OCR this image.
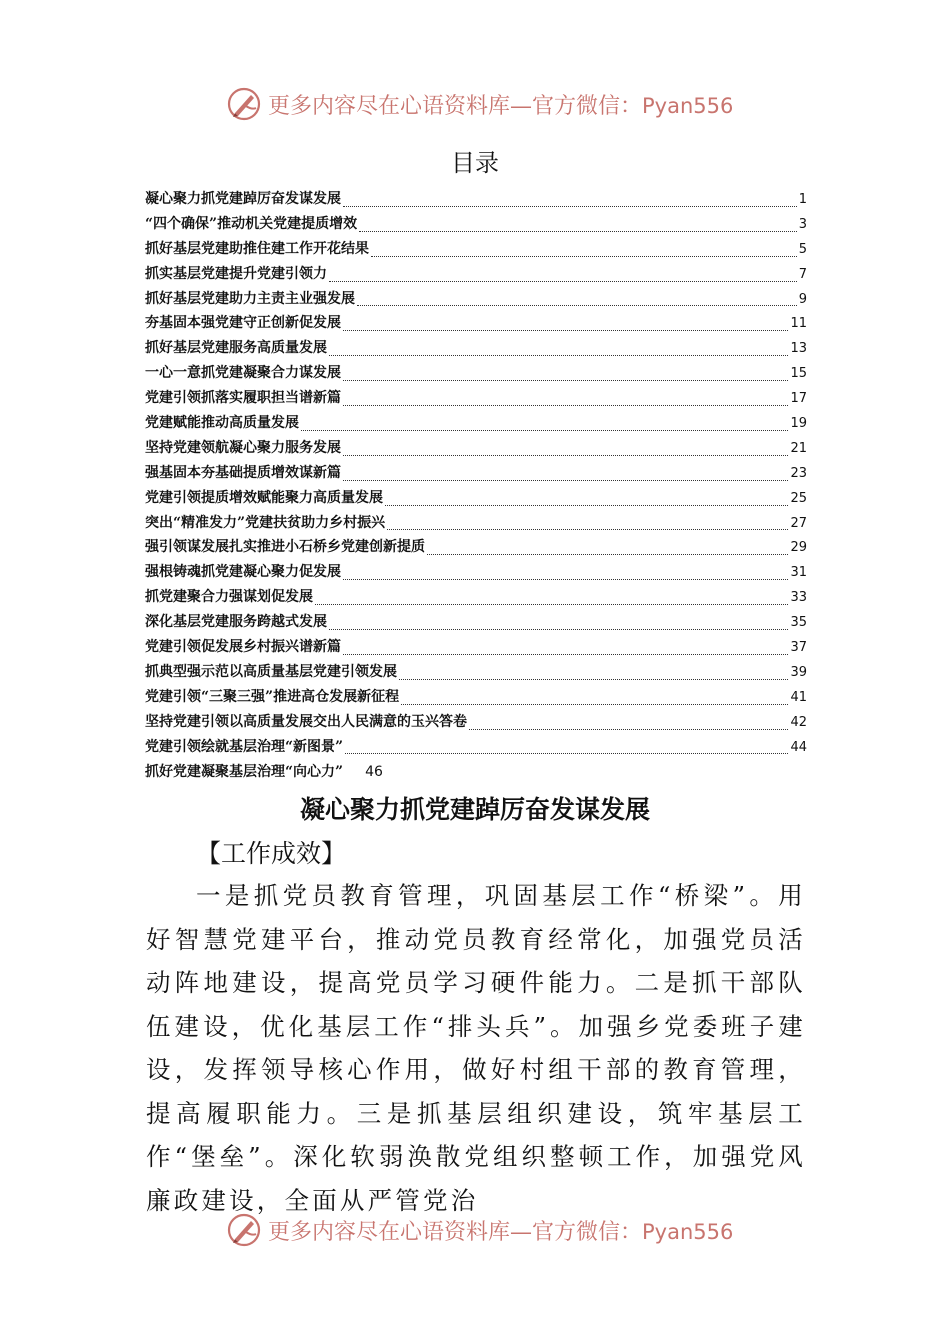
更多内容尽在心语资料库—官方微信：Pyan556
目录
凝心聚力抓党建踔厉奋发谋发展	1
“四个确保”推动机关党建提质增效	3
抓好基层党建助推住建工作开花结果	5
抓实基层党建提升党建引领力	7
抓好基层党建助力主责主业强发展	9
夯基固本强党建守正创新促发展	11
抓好基层党建服务高质量发展	13
一心一意抓党建凝聚合力谋发展	15
党建引领抓落实履职担当谱新篇	17
党建赋能推动高质量发展	19
坚持党建领航凝心聚力服务发展	21
强基固本夯基础提质增效谋新篇	23
党建引领提质增效赋能聚力高质量发展	25
突出“精准发力”党建扶贫助力乡村振兴	27
强引领谋发展扎实推进小石桥乡党建创新提质	29
强根铸魂抓党建凝心聚力促发展	31
抓党建聚合力强谋划促发展	33
深化基层党建服务跨越式发展	35
党建引领促发展乡村振兴谱新篇	37
抓典型强示范以高质量基层党建引领发展	39
党建引领“三聚三强”推进高仓发展新征程	41
坚持党建引领以高质量发展交出人民满意的玉兴答卷	42
党建引领绘就基层治理“新图景”	44
抓好党建凝聚基层治理“向心力” 46
凝心聚力抓党建踔厉奋发谋发展
【工作成效】

一是抓党员教育管理，巩固基层工作“桥梁”。用好智慧党建平台，推动党员教育经常化，加强党员活动阵地建设，提高党员学习硬件能力。二是抓干部队伍建设，优化基层工作“排头兵”。加强乡党委班子建设，发挥领导核心作用，做好村组干部的教育管理，提高履职能力。三是抓基层组织建设，筑牢基层工作“堡垒”。深化软弱涣散党组织整顿工作，加强党风廉政建设，全面从严管党治

更多内容尽在心语资料库—官方微信：Pyan556
